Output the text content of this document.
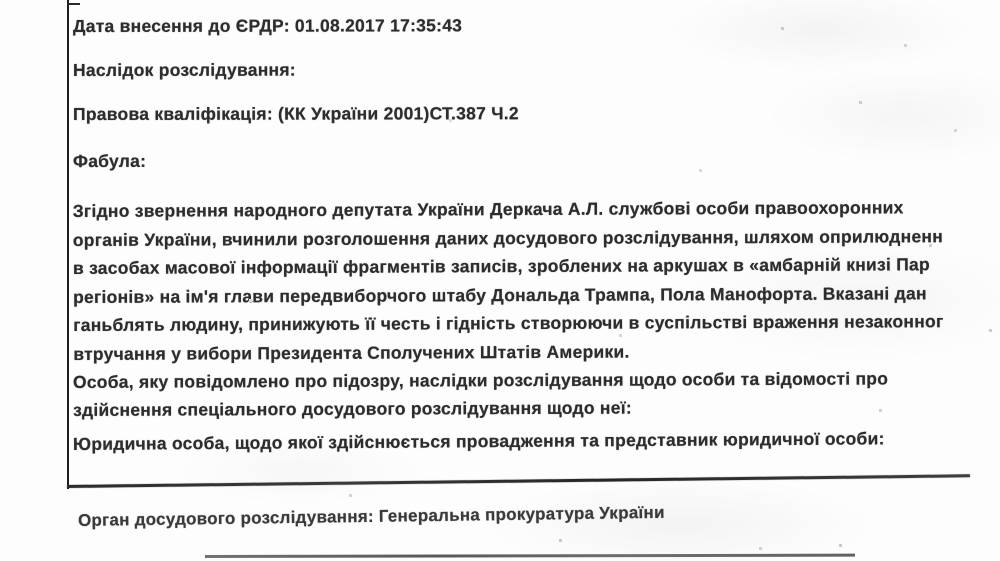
Дата внесення до ЄРДР: 01.08.2017 17:35:43
Наслідок розслідування:
Правова кваліфікація: (КК України 2001)СТ.387 Ч.2
Фабула:
Згідно звернення народного депутата України Деркача А.Л. службові особи правоохоронних
органів України, вчинили розголошення даних досудового розслідування, шляхом оприлюдненн
в засобах масової інформації фрагментів записів, зроблених на аркушах в «амбарній книзі Пар
регіонів» на ім'я глави передвиборчого штабу Дональда Трампа, Пола Манофорта. Вказані дан
ганьблять людину, принижують її честь і гідність створюючи в суспільстві враження незаконног
втручання у вибори Президента Сполучених Штатів Америки.
Особа, яку повідомлено про підозру, наслідки розслідування щодо особи та відомості про
здійснення спеціального досудового розслідування щодо неї:
Юридична особа, щодо якої здійснюється провадження та представник юридичної особи:
Орган досудового розслідування: Генеральна прокуратура України
